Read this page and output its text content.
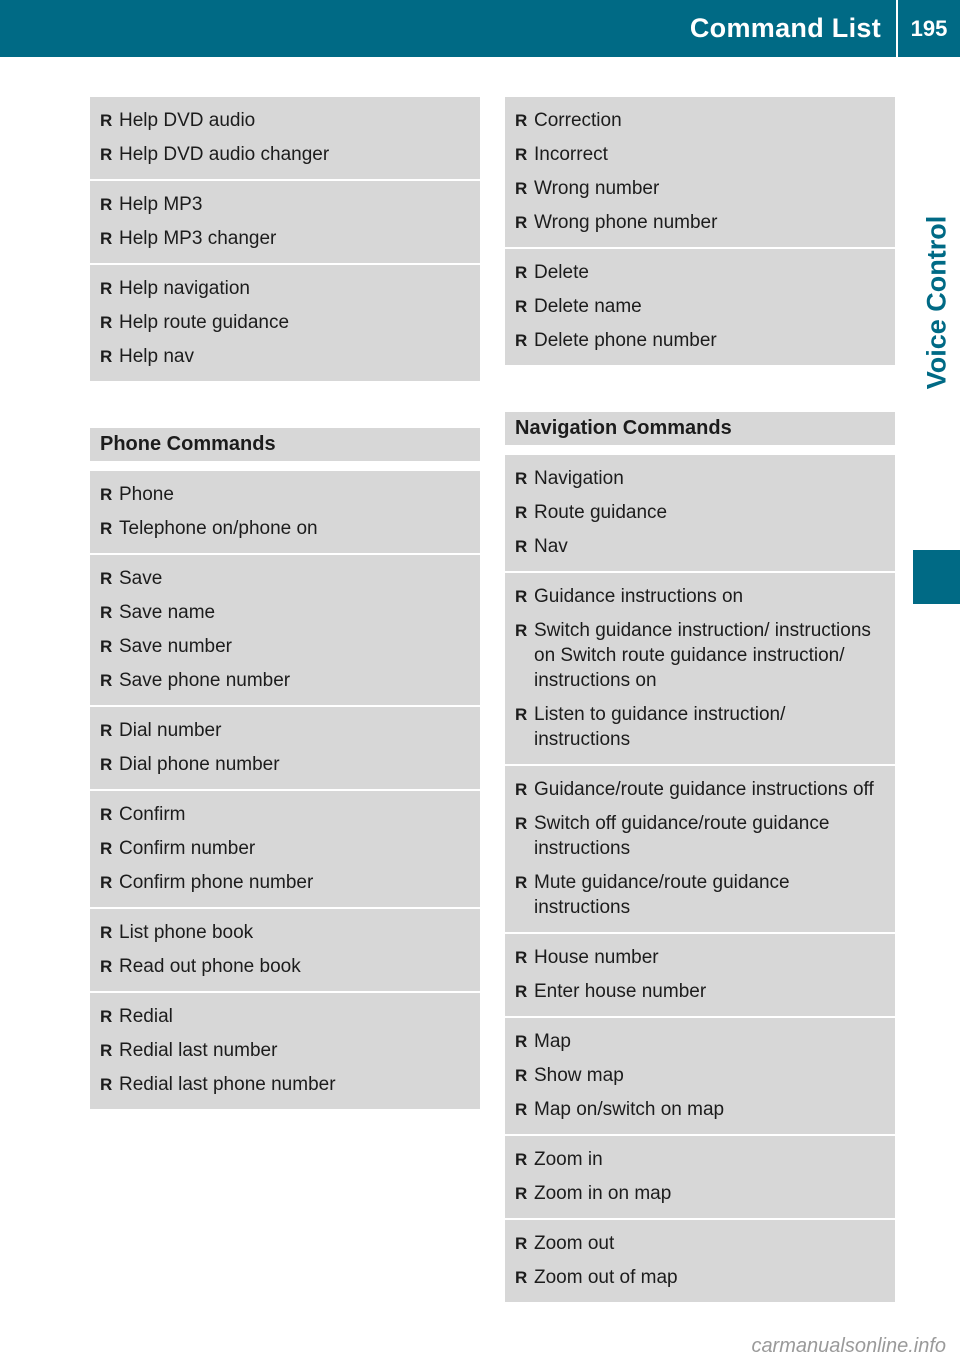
Command List	195
Voice Control
R Help DVD audio
R Help DVD audio changer
R Help MP3
R Help MP3 changer
R Help navigation
R Help route guidance
R Help nav
Phone Commands
R Phone
R Telephone on/phone on
R Save
R Save name
R Save number
R Save phone number
R Dial number
R Dial phone number
R Confirm
R Confirm number
R Confirm phone number
R List phone book
R Read out phone book
R Redial
R Redial last number
R Redial last phone number
R Correction
R Incorrect
R Wrong number
R Wrong phone number
R Delete
R Delete name
R Delete phone number
Navigation Commands
R Navigation
R Route guidance
R Nav
R Guidance instructions on
R Switch guidance instruction/ instructions on Switch route guidance instruction/ instructions on
R Listen to guidance instruction/ instructions
R Guidance/route guidance instructions off
R Switch off guidance/route guidance instructions
R Mute guidance/route guidance instructions
R House number
R Enter house number
R Map
R Show map
R Map on/switch on map
R Zoom in
R Zoom in on map
R Zoom out
R Zoom out of map
carmanualsonline.info
